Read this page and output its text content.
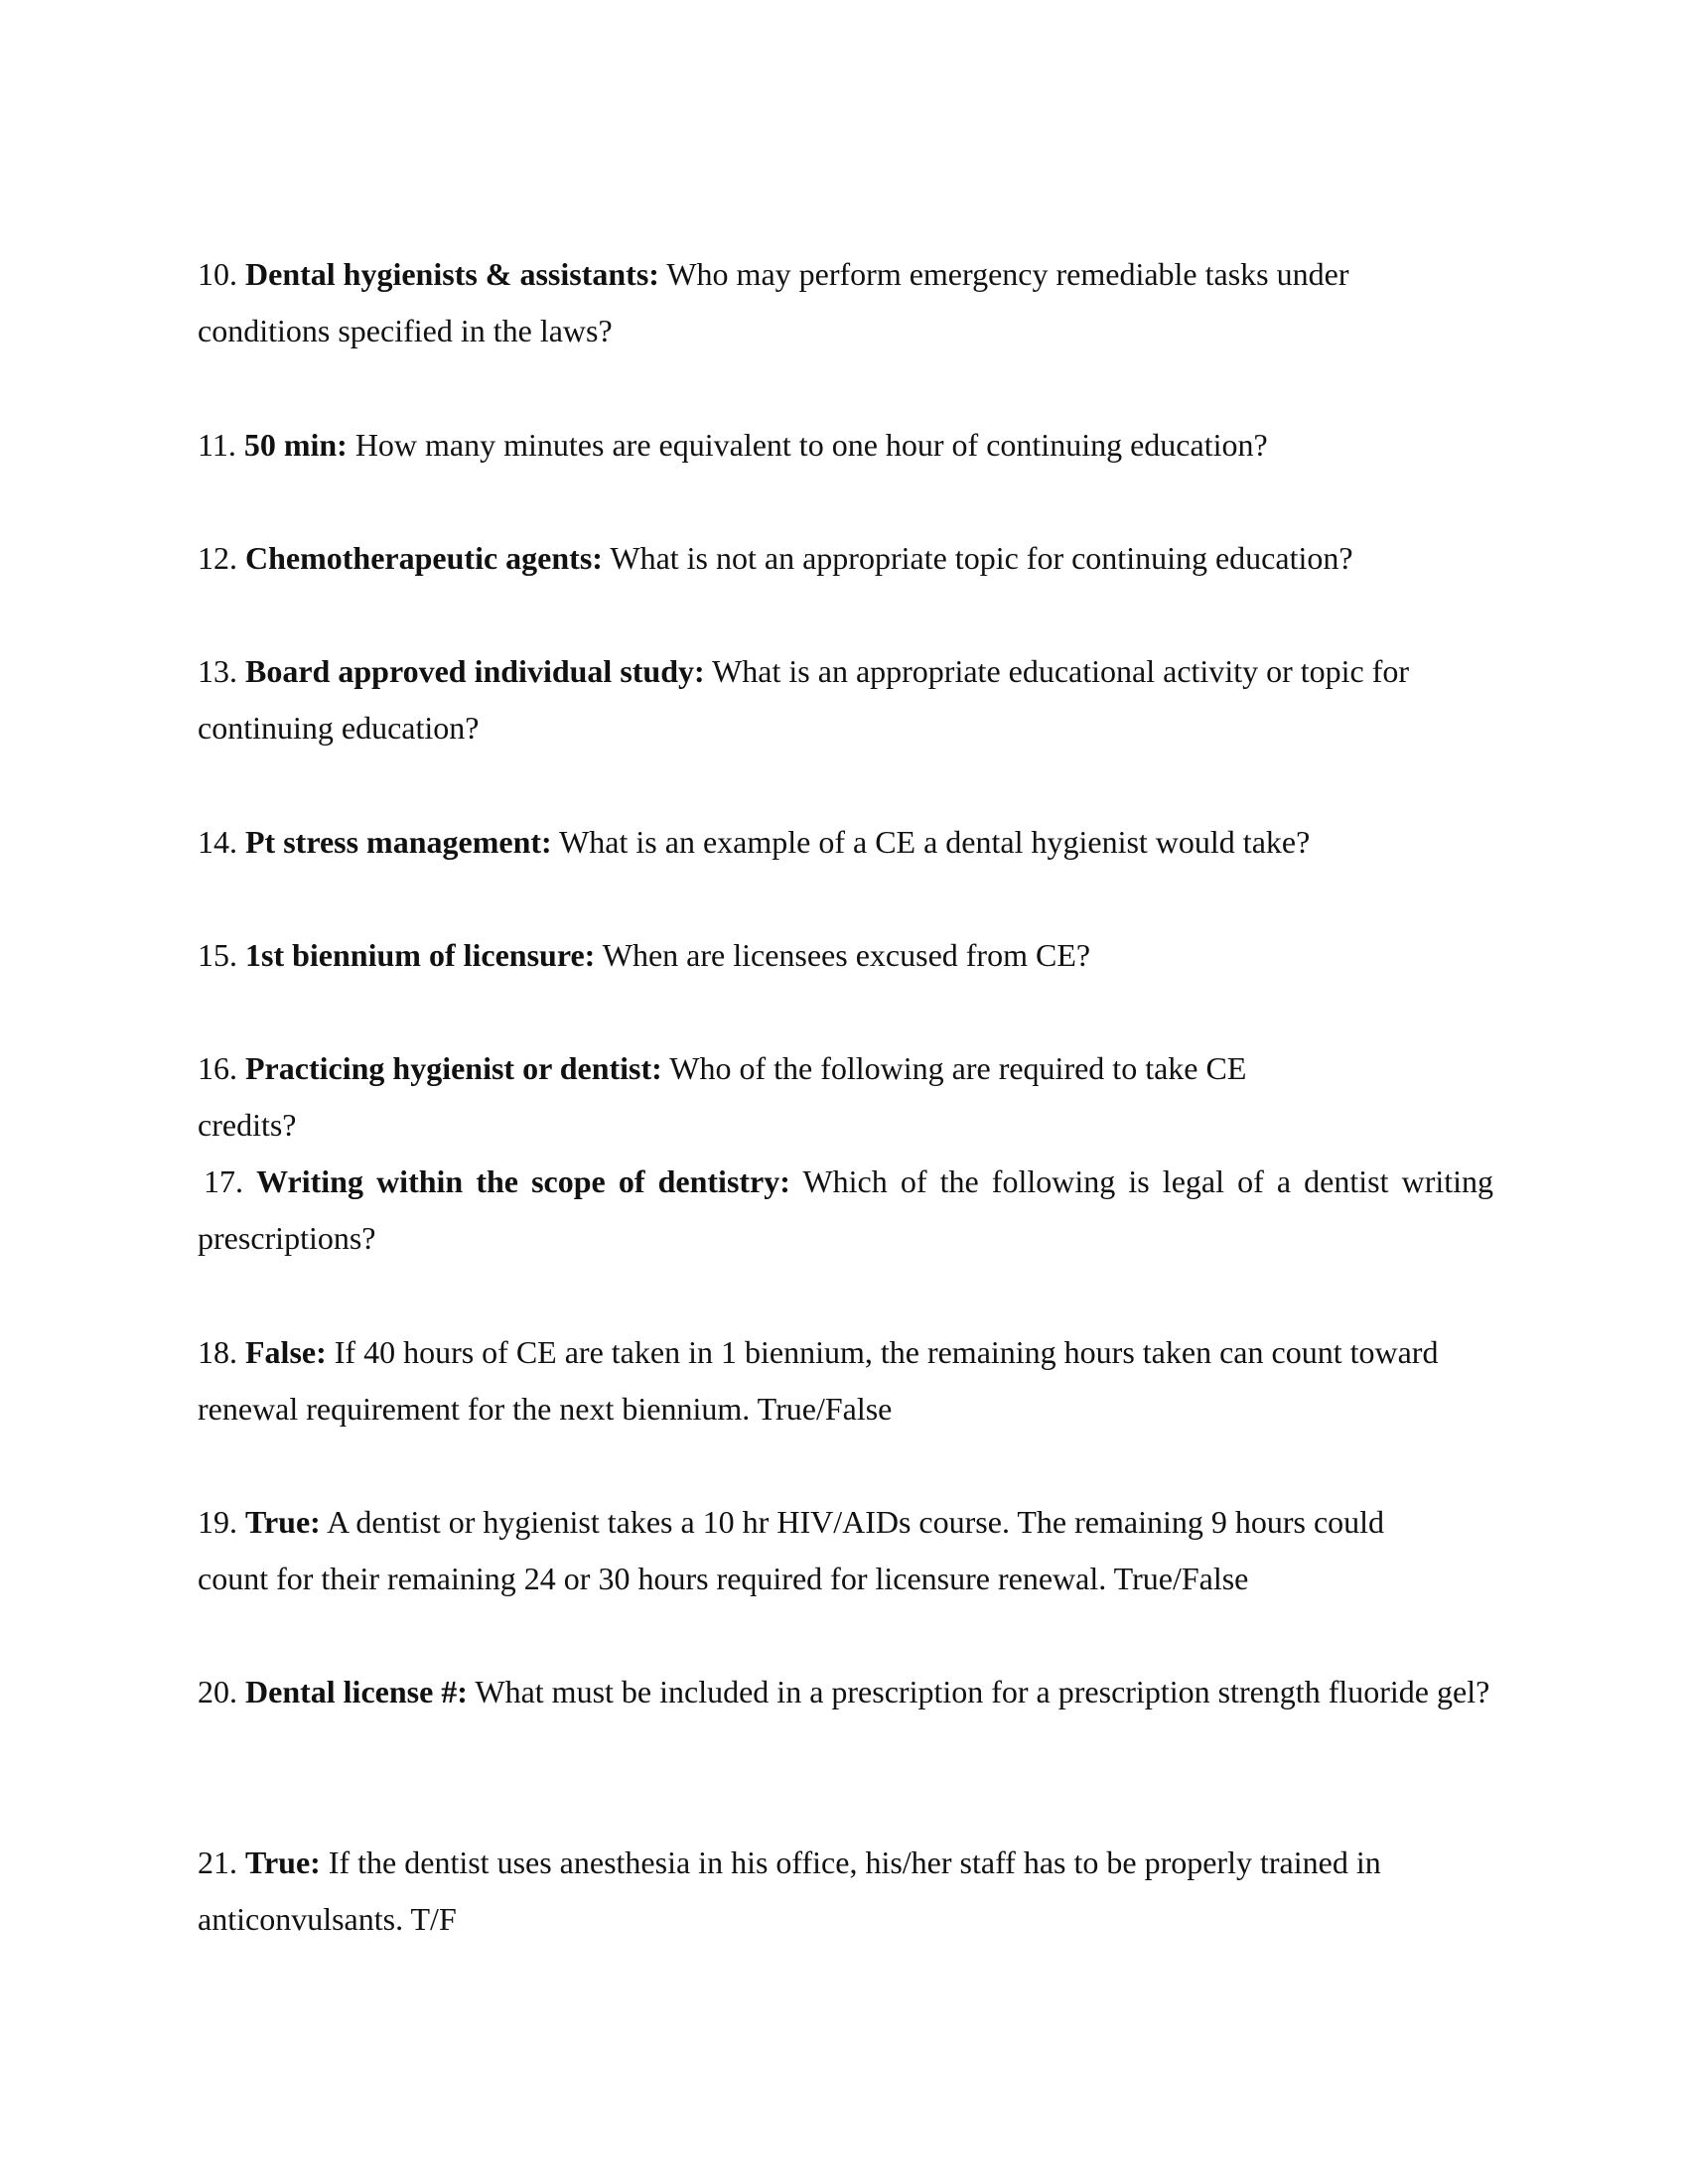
10. Dental hygienists & assistants: Who may perform emergency remediable tasks under conditions specified in the laws?

11. 50 min: How many minutes are equivalent to one hour of continuing education?

12. Chemotherapeutic agents: What is not an appropriate topic for continuing education?

13. Board approved individual study: What is an appropriate educational activity or topic for continuing education?

14. Pt stress management: What is an example of a CE a dental hygienist would take?

15. 1st biennium of licensure: When are licensees excused from CE?

16. Practicing hygienist or dentist: Who of the following are required to take CE credits?

17. Writing within the scope of dentistry: Which of the following is legal of a dentist writing prescriptions?

18. False: If 40 hours of CE are taken in 1 biennium, the remaining hours taken can count toward renewal requirement for the next biennium. True/False

19. True: A dentist or hygienist takes a 10 hr HIV/AIDs course. The remaining 9 hours could count for their remaining 24 or 30 hours required for licensure renewal. True/False

20. Dental license #: What must be included in a prescription for a prescription strength fluoride gel?

21. True: If the dentist uses anesthesia in his office, his/her staff has to be properly trained in anticonvulsants. T/F
